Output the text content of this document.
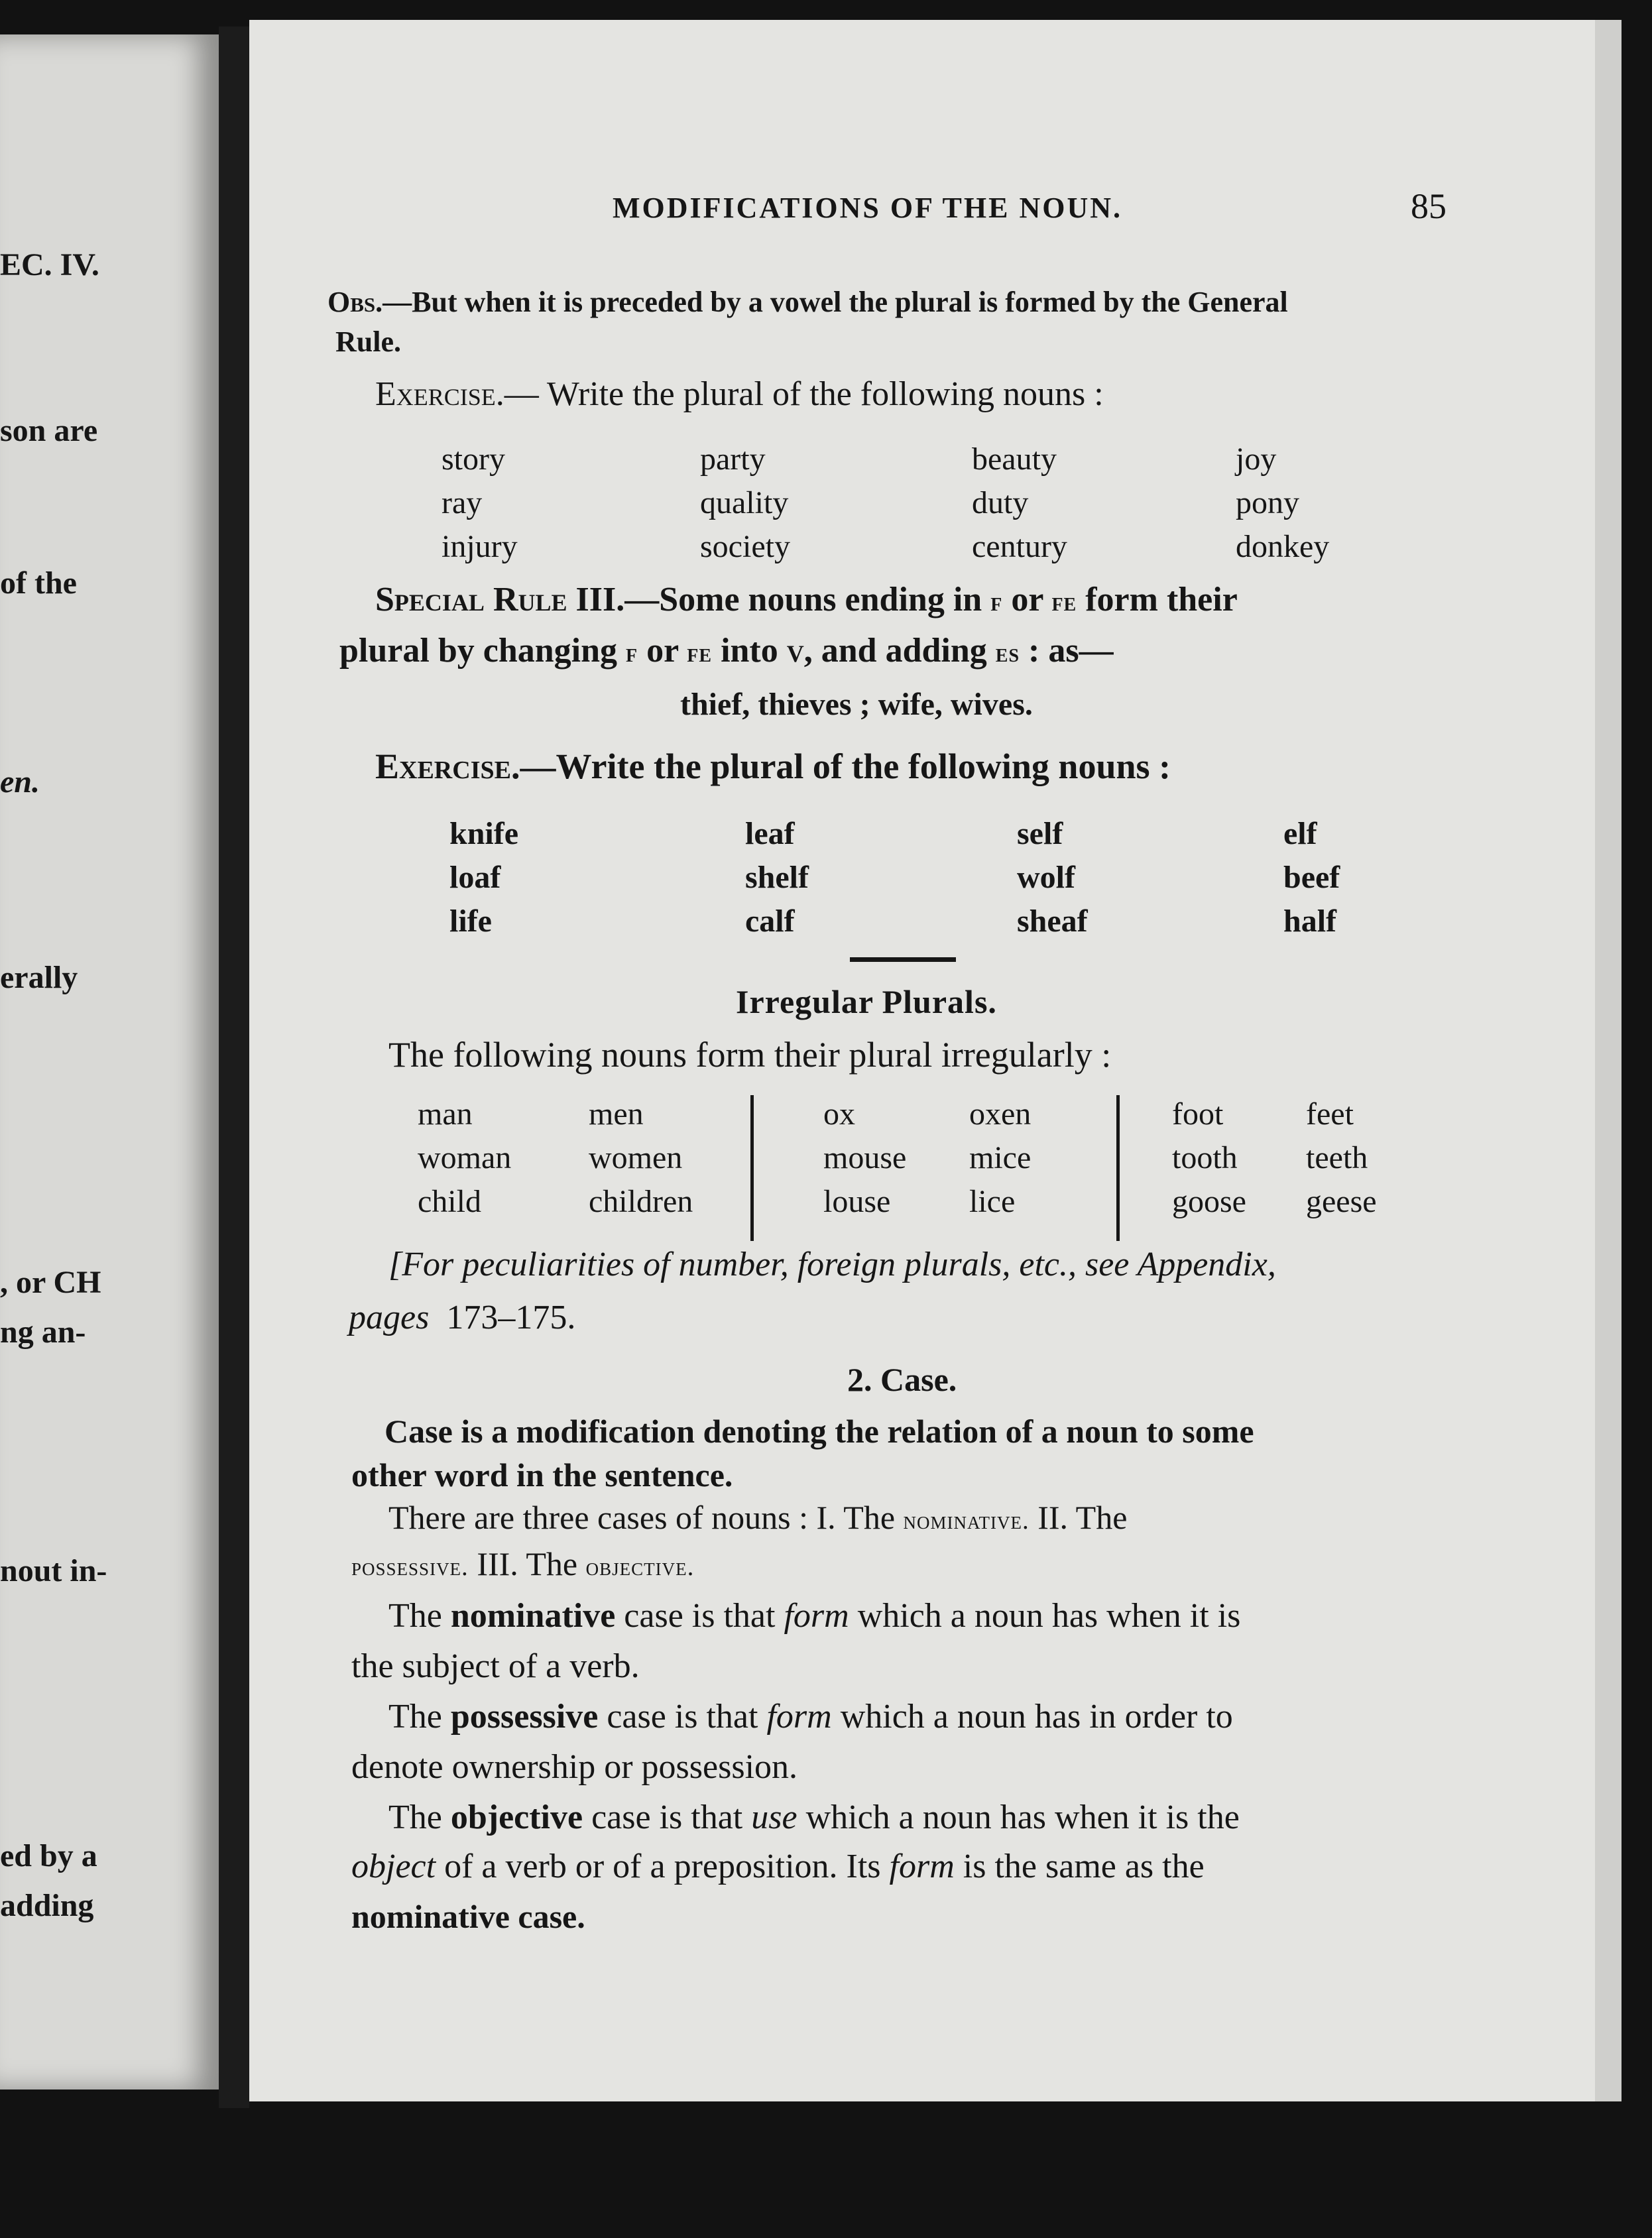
EC. IV.
son are
of the
en.
erally
, or CH
ng an-
nout in-
ed by a
adding
MODIFICATIONS OF THE NOUN.	85
Obs.—But when it is preceded by a vowel the plural is formed by the General
Rule.
Exercise.— Write the plural of the following nouns :
story
ray
injury
party
quality
society
beauty
duty
century
joy
pony
donkey
Special Rule III.—Some nouns ending in f or fe form their
plural by changing f or fe into v, and adding es : as—
thief, thieves ; wife, wives.
Exercise.—Write the plural of the following nouns :
knife
loaf
life
leaf
shelf
calf
self
wolf
sheaf
elf
beef
half
Irregular Plurals.
The following nouns form their plural irregularly :
man
woman
child
men
women
children
ox
mouse
louse
oxen
mice
lice
foot
tooth
goose
feet
teeth
geese
[For peculiarities of number, foreign plurals, etc., see Appendix,
pages 173–175.
2. Case.
Case is a modification denoting the relation of a noun to some
other word in the sentence.
There are three cases of nouns : I. The nominative. II. The
possessive. III. The objective.
The nominative case is that form which a noun has when it is
the subject of a verb.
The possessive case is that form which a noun has in order to
denote ownership or possession.
The objective case is that use which a noun has when it is the
object of a verb or of a preposition. Its form is the same as the
nominative case.
